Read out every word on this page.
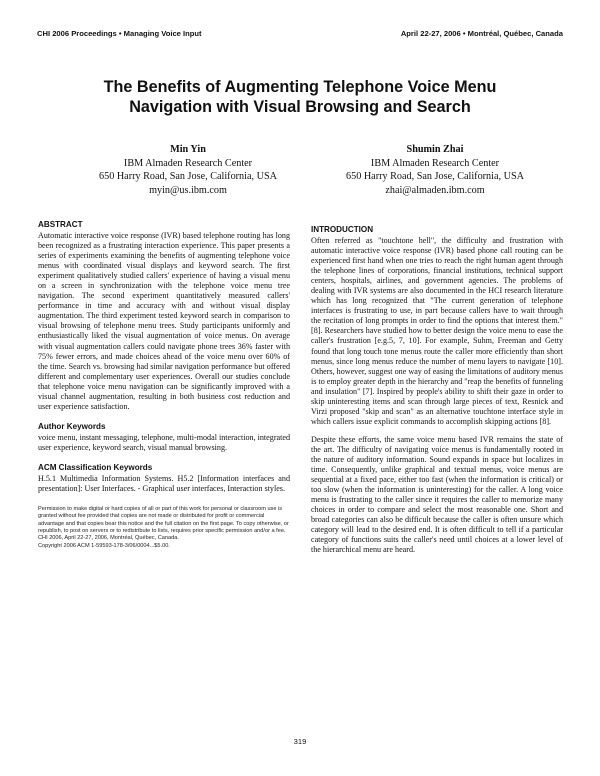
CHI 2006 Proceedings • Managing Voice Input	April 22-27, 2006 • Montréal, Québec, Canada
The Benefits of Augmenting Telephone Voice Menu
Navigation with Visual Browsing and Search
Min Yin
IBM Almaden Research Center
650 Harry Road, San Jose, California, USA
myin@us.ibm.com
Shumin Zhai
IBM Almaden Research Center
650 Harry Road, San Jose, California, USA
zhai@almaden.ibm.com
ABSTRACT

Automatic interactive voice response (IVR) based telephone routing has long been recognized as a frustrating interaction experience. This paper presents a series of experiments examining the benefits of augmenting telephone voice menus with coordinated visual displays and keyword search. The first experiment qualitatively studied callers' experience of having a visual menu on a screen in synchronization with the telephone voice menu tree navigation. The second experiment quantitatively measured callers' performance in time and accuracy with and without visual display augmentation. The third experiment tested keyword search in comparison to visual browsing of telephone menu trees. Study participants uniformly and enthusiastically liked the visual augmentation of voice menus. On average with visual augmentation callers could navigate phone trees 36% faster with 75% fewer errors, and made choices ahead of the voice menu over 60% of the time. Search vs. browsing had similar navigation performance but offered different and complementary user experiences. Overall our studies conclude that telephone voice menu navigation can be significantly improved with a visual channel augmentation, resulting in both business cost reduction and user experience satisfaction.

Author Keywords

voice menu, instant messaging, telephone, multi-modal interaction, integrated user experience, keyword search, visual manual browsing.

ACM Classification Keywords

H.5.1 Multimedia Information Systems. H5.2 [Information interfaces and presentation]: User Interfaces. - Graphical user interfaces, Interaction styles.

Permission to make digital or hard copies of all or part of this work for personal or classroom use is granted without fee provided that copies are not made or distributed for profit or commercial advantage and that copies bear this notice and the full citation on the first page. To copy otherwise, or republish, to post on servers or to redistribute to lists, requires prior specific permission and/or a fee.

CHI 2006, April 22-27, 2006, Montréal, Québec, Canada.

Copyright 2006 ACM 1-59593-178-3/06/0004...$5.00.

INTRODUCTION

Often referred as "touchtone hell", the difficulty and frustration with automatic interactive voice response (IVR) based phone call routing can be experienced first hand when one tries to reach the right human agent through the telephone lines of corporations, financial institutions, technical support centers, hospitals, airlines, and government agencies. The problems of dealing with IVR systems are also documented in the HCI research literature which has long recognized that "The current generation of telephone interfaces is frustrating to use, in part because callers have to wait through the recitation of long prompts in order to find the options that interest them." [8]. Researchers have studied how to better design the voice menu to ease the caller's frustration [e.g.5, 7, 10]. For example, Suhm, Freeman and Getty found that long touch tone menus route the caller more efficiently than short menus, since long menus reduce the number of menu layers to navigate [10]. Others, however, suggest one way of easing the limitations of auditory menus is to employ greater depth in the hierarchy and "reap the benefits of funneling and insulation" [7]. Inspired by people's ability to shift their gaze in order to skip uninteresting items and scan through large pieces of text, Resnick and Virzi proposed "skip and scan" as an alternative touchtone interface style in which callers issue explicit commands to accomplish skipping actions [8].

Despite these efforts, the same voice menu based IVR remains the state of the art. The difficulty of navigating voice menus is fundamentally rooted in the nature of auditory information. Sound expands in space but localizes in time. Consequently, unlike graphical and textual menus, voice menus are sequential at a fixed pace, either too fast (when the information is critical) or too slow (when the information is uninteresting) for the caller. A long voice menu is frustrating to the caller since it requires the caller to memorize many choices in order to compare and select the most reasonable one. Short and broad categories can also be difficult because the caller is often unsure which category will lead to the desired end. It is often difficult to tell if a particular category of functions suits the caller's need until choices at a lower level of the hierarchical menu are heard.

319
